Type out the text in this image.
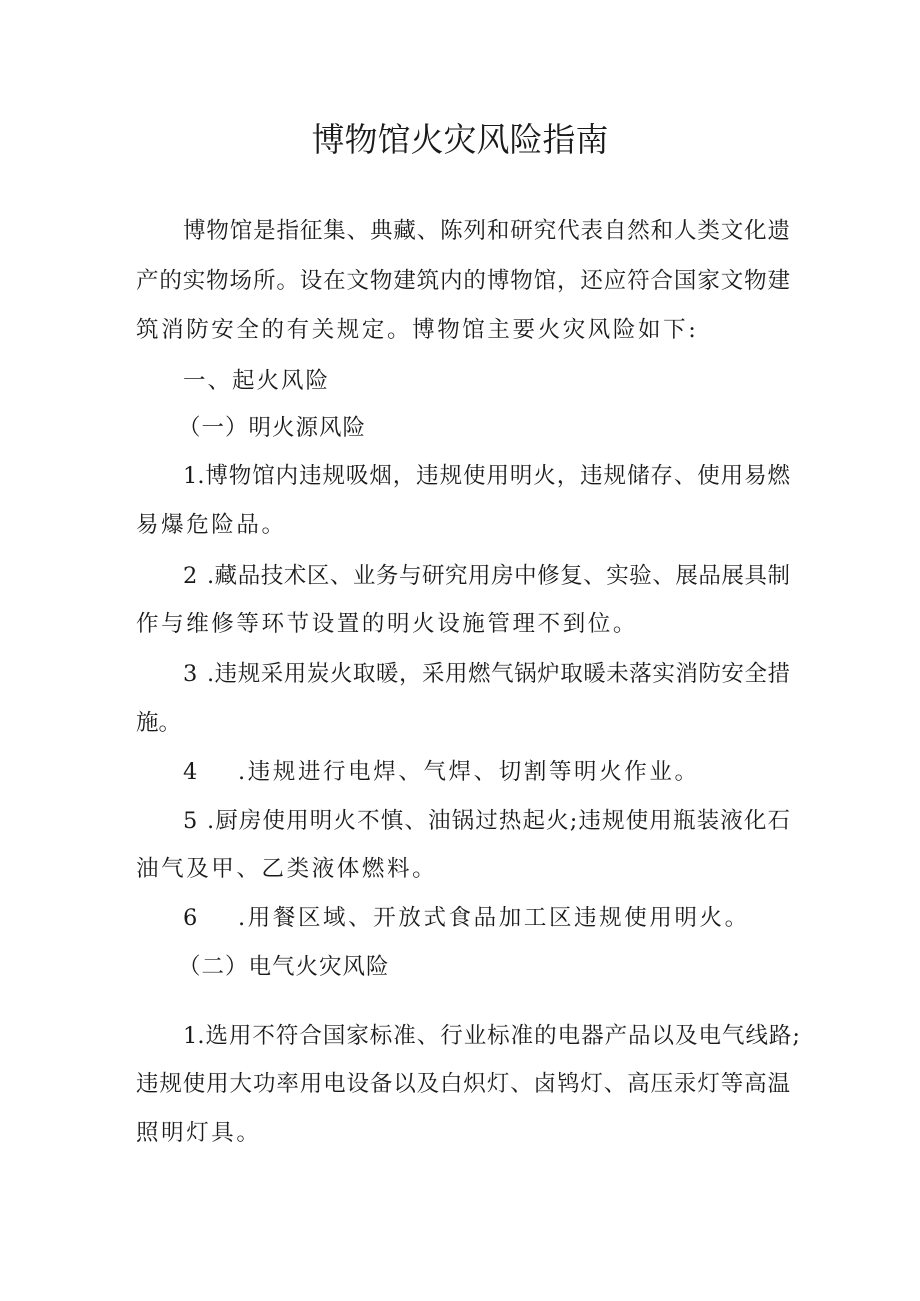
博物馆火灾风险指南
博物馆是指征集、典藏、陈列和研究代表自然和人类文化遗
产的实物场所。设在文物建筑内的博物馆，还应符合国家文物建
筑消防安全的有关规定。博物馆主要火灾风险如下:
一、起火风险
（一）明火源风险
1.博物馆内违规吸烟，违规使用明火，违规储存、使用易燃
易爆危险品。
2 .藏品技术区、业务与研究用房中修复、实验、展品展具制
作与维修等环节设置的明火设施管理不到位。
3 .违规采用炭火取暖，采用燃气锅炉取暖未落实消防安全措
施。
4 .违规进行电焊、气焊、切割等明火作业。
5 .厨房使用明火不慎、油锅过热起火;违规使用瓶装液化石
油气及甲、乙类液体燃料。
6 .用餐区域、开放式食品加工区违规使用明火。
（二）电气火灾风险
1.选用不符合国家标准、行业标准的电器产品以及电气线路;
违规使用大功率用电设备以及白炽灯、卤鸨灯、高压汞灯等高温
照明灯具。
